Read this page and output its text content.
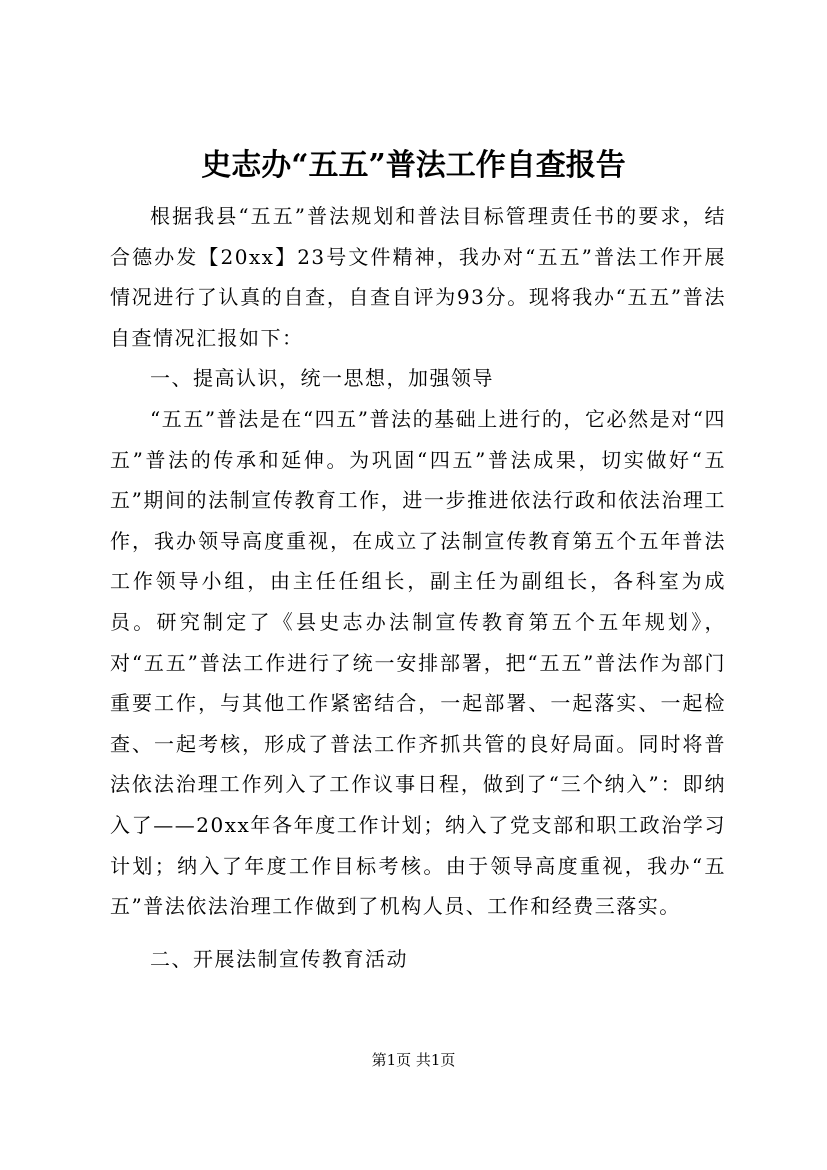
史志办“五五”普法工作自查报告

根据我县“五五”普法规划和普法目标管理责任书的要求，结合德办发【20xx】23号文件精神，我办对“五五”普法工作开展情况进行了认真的自查，自查自评为93分。现将我办“五五”普法自查情况汇报如下：

一、提高认识，统一思想，加强领导

“五五”普法是在“四五”普法的基础上进行的，它必然是对“四五”普法的传承和延伸。为巩固“四五”普法成果，切实做好“五五”期间的法制宣传教育工作，进一步推进依法行政和依法治理工作，我办领导高度重视，在成立了法制宣传教育第五个五年普法工作领导小组，由主任任组长，副主任为副组长，各科室为成员。研究制定了《县史志办法制宣传教育第五个五年规划》，对“五五”普法工作进行了统一安排部署，把“五五”普法作为部门重要工作，与其他工作紧密结合，一起部署、一起落实、一起检查、一起考核，形成了普法工作齐抓共管的良好局面。同时将普法依法治理工作列入了工作议事日程，做到了“三个纳入”：即纳入了——20xx年各年度工作计划；纳入了党支部和职工政治学习计划；纳入了年度工作目标考核。由于领导高度重视，我办“五五”普法依法治理工作做到了机构人员、工作和经费三落实。

二、开展法制宣传教育活动

第1页 共1页
